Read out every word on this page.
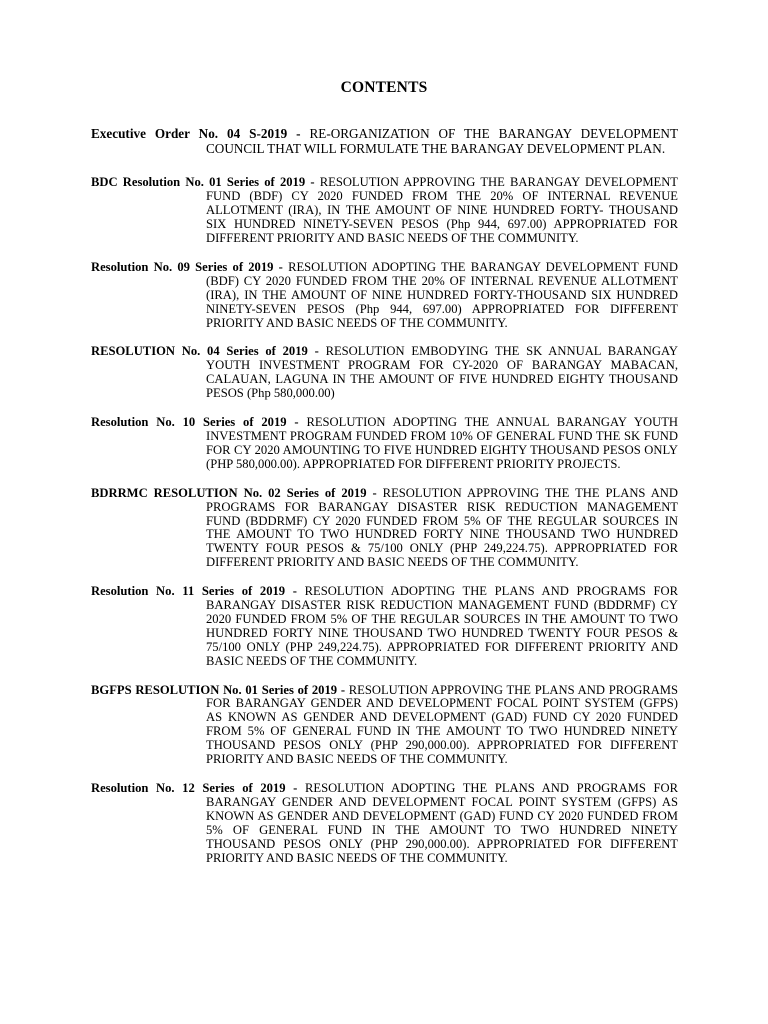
CONTENTS

Executive Order No. 04 S-2019 - RE-ORGANIZATION OF THE BARANGAY DEVELOPMENT COUNCIL THAT WILL FORMULATE THE BARANGAY DEVELOPMENT PLAN.

BDC Resolution No. 01 Series of 2019 - RESOLUTION APPROVING THE BARANGAY DEVELOPMENT FUND (BDF) CY 2020 FUNDED FROM THE 20% OF INTERNAL REVENUE ALLOTMENT (IRA), IN THE AMOUNT OF NINE HUNDRED FORTY- THOUSAND SIX HUNDRED NINETY-SEVEN PESOS (Php 944, 697.00) APPROPRIATED FOR DIFFERENT PRIORITY AND BASIC NEEDS OF THE COMMUNITY.

Resolution No. 09 Series of 2019 - RESOLUTION ADOPTING THE BARANGAY DEVELOPMENT FUND (BDF) CY 2020 FUNDED FROM THE 20% OF INTERNAL REVENUE ALLOTMENT (IRA), IN THE AMOUNT OF NINE HUNDRED FORTY-THOUSAND SIX HUNDRED NINETY-SEVEN PESOS (Php 944, 697.00) APPROPRIATED FOR DIFFERENT PRIORITY AND BASIC NEEDS OF THE COMMUNITY.

RESOLUTION No. 04 Series of 2019 - RESOLUTION EMBODYING THE SK ANNUAL BARANGAY YOUTH INVESTMENT PROGRAM FOR CY-2020 OF BARANGAY MABACAN, CALAUAN, LAGUNA IN THE AMOUNT OF FIVE HUNDRED EIGHTY THOUSAND PESOS (Php 580,000.00)

Resolution No. 10 Series of 2019 - RESOLUTION ADOPTING THE ANNUAL BARANGAY YOUTH INVESTMENT PROGRAM FUNDED FROM 10% OF GENERAL FUND THE SK FUND FOR CY 2020 AMOUNTING TO FIVE HUNDRED EIGHTY THOUSAND PESOS ONLY (PHP 580,000.00). APPROPRIATED FOR DIFFERENT PRIORITY PROJECTS.

BDRRMC RESOLUTION No. 02 Series of 2019 - RESOLUTION APPROVING THE THE PLANS AND PROGRAMS FOR BARANGAY DISASTER RISK REDUCTION MANAGEMENT FUND (BDDRMF) CY 2020 FUNDED FROM 5% OF THE REGULAR SOURCES IN THE AMOUNT TO TWO HUNDRED FORTY NINE THOUSAND TWO HUNDRED TWENTY FOUR PESOS & 75/100 ONLY (PHP 249,224.75). APPROPRIATED FOR DIFFERENT PRIORITY AND BASIC NEEDS OF THE COMMUNITY.

Resolution No. 11 Series of 2019 - RESOLUTION ADOPTING THE PLANS AND PROGRAMS FOR BARANGAY DISASTER RISK REDUCTION MANAGEMENT FUND (BDDRMF) CY 2020 FUNDED FROM 5% OF THE REGULAR SOURCES IN THE AMOUNT TO TWO HUNDRED FORTY NINE THOUSAND TWO HUNDRED TWENTY FOUR PESOS & 75/100 ONLY (PHP 249,224.75). APPROPRIATED FOR DIFFERENT PRIORITY AND BASIC NEEDS OF THE COMMUNITY.

BGFPS RESOLUTION No. 01 Series of 2019 - RESOLUTION APPROVING THE PLANS AND PROGRAMS FOR BARANGAY GENDER AND DEVELOPMENT FOCAL POINT SYSTEM (GFPS) AS KNOWN AS GENDER AND DEVELOPMENT (GAD) FUND CY 2020 FUNDED FROM 5% OF GENERAL FUND IN THE AMOUNT TO TWO HUNDRED NINETY THOUSAND PESOS ONLY (PHP 290,000.00). APPROPRIATED FOR DIFFERENT PRIORITY AND BASIC NEEDS OF THE COMMUNITY.

Resolution No. 12 Series of 2019 - RESOLUTION ADOPTING THE PLANS AND PROGRAMS FOR BARANGAY GENDER AND DEVELOPMENT FOCAL POINT SYSTEM (GFPS) AS KNOWN AS GENDER AND DEVELOPMENT (GAD) FUND CY 2020 FUNDED FROM 5% OF GENERAL FUND IN THE AMOUNT TO TWO HUNDRED NINETY THOUSAND PESOS ONLY (PHP 290,000.00). APPROPRIATED FOR DIFFERENT PRIORITY AND BASIC NEEDS OF THE COMMUNITY.
